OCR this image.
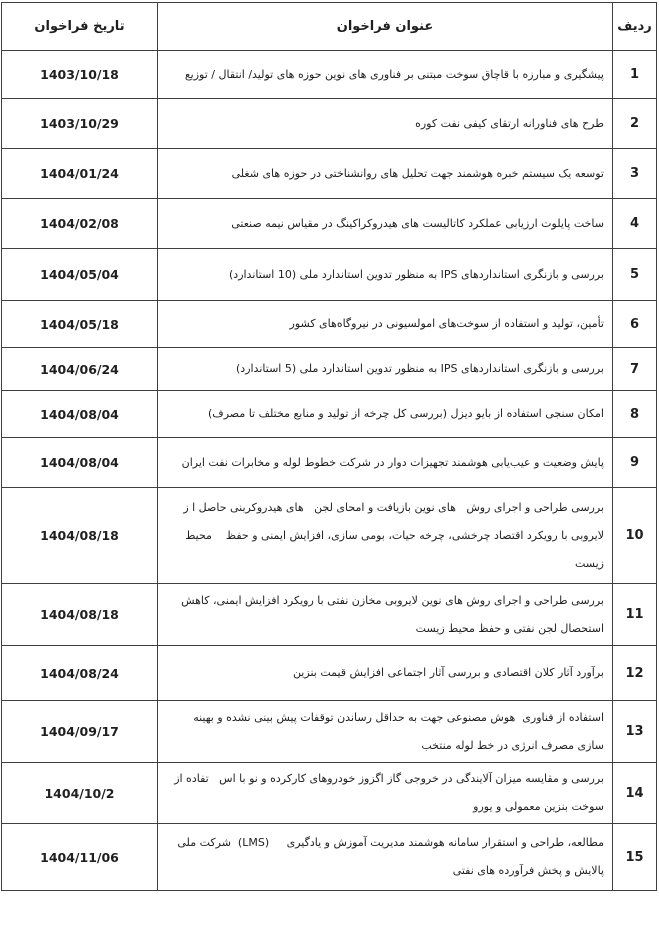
ردیف	عنوان فراخوان	تاریخ فراخوان
1	پیشگیری و مبارزه با قاچاق سوخت مبتنی بر فناوری های نوین حوزه های تولید/ انتقال / توزیع	1403/10/18
2	طرح های فناورانه ارتقای کیفی نفت کوره	1403/10/29
3	توسعه یک سیستم خبره هوشمند جهت تحلیل های روانشناختی در حوزه های شغلی	1404/01/24
4	ساخت پایلوت ارزیابی عملکرد کاتالیست های هیدروکراکینگ در مقیاس نیمه صنعتی	1404/02/08
5	بررسی و بازنگری استانداردهای IPS به منظور تدوین استاندارد ملی (10 استاندارد)	1404/05/04
6	تأمین، تولید و استفاده از سوخت‌های امولسیونی در نیروگاه‌های کشور	1404/05/18
7	بررسی و بازنگری استانداردهای IPS به منظور تدوین استاندارد ملی (5 استاندارد)	1404/06/24
8	امکان سنجی استفاده از بایو دیزل (بررسی کل چرخه از تولید و منابع مختلف تا مصرف)	1404/08/04
9	پایش وضعیت و عیب‌یابی هوشمند تجهیزات دوار در شرکت خطوط لوله و مخابرات نفت ایران	1404/08/04
10	بررسی طراحی و اجرای روش   های نوین بازیافت و امحای لجن   های هیدروکربنی حاصل ا ز لایروبی با رویکرد اقتصاد چرخشی، چرخه حیات، بومی سازی، افزایش ایمنی و حفظ    محیط زیست	1404/08/18
11	بررسی طراحی و اجرای روش های نوین لایروبی مخازن نفتی با رویکرد افزایش ایمنی، کاهش استحصال لجن نفتی و حفظ محیط زیست	1404/08/18
12	برآورد آثار کلان اقتصادی و بررسی آثار اجتماعی افزایش قیمت بنزین	1404/08/24
13	استفاده از فناوری  هوش مصنوعی جهت به حداقل رساندن توقفات پیش بینی نشده و بهینه سازی مصرف انرژی در خط لوله منتخب	1404/09/17
14	بررسی و مقایسه میزان آلایندگی در خروجی گاز اگزوز خودروهای کارکرده و نو با اس   تفاده از سوخت بنزین معمولی و یورو	1404/10/2
15	مطالعه، طراحی و استقرار سامانه هوشمند مدیریت آموزش و یادگیری     (LMS)  شرکت ملی پالایش و پخش فرآورده های نفتی	1404/11/06
